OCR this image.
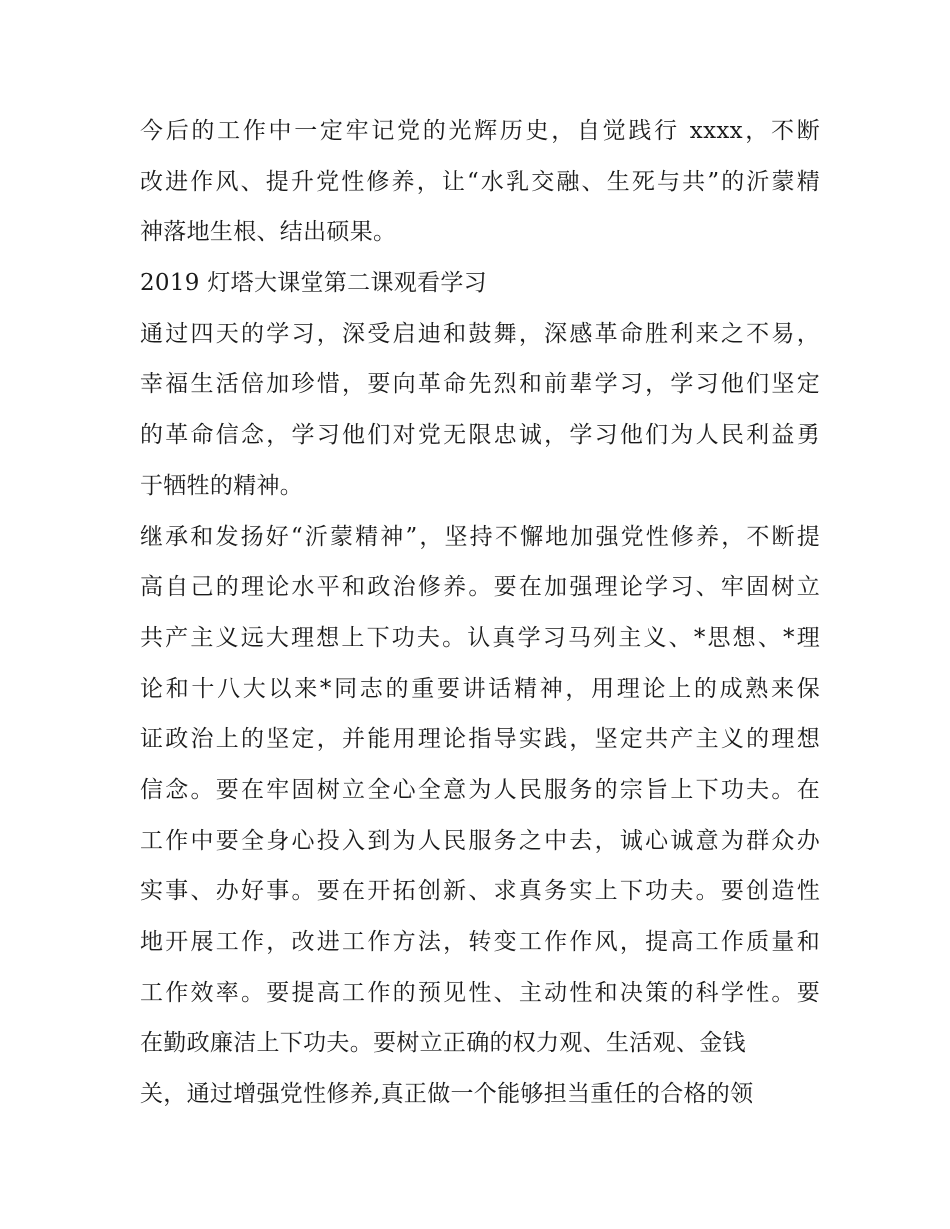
今后的工作中一定牢记党的光辉历史，自觉践行 xxxx，不断
改进作风、提升党性修养，让“水乳交融、生死与共”的沂蒙精
神落地生根、结出硕果。
2019 灯塔大课堂第二课观看学习
通过四天的学习，深受启迪和鼓舞，深感革命胜利来之不易，
幸福生活倍加珍惜，要向革命先烈和前辈学习，学习他们坚定
的革命信念，学习他们对党无限忠诚，学习他们为人民利益勇
于牺牲的精神。
继承和发扬好“沂蒙精神”，坚持不懈地加强党性修养，不断提
高自己的理论水平和政治修养。要在加强理论学习、牢固树立
共产主义远大理想上下功夫。认真学习马列主义、*思想、*理
论和十八大以来*同志的重要讲话精神，用理论上的成熟来保
证政治上的坚定，并能用理论指导实践，坚定共产主义的理想
信念。要在牢固树立全心全意为人民服务的宗旨上下功夫。在
工作中要全身心投入到为人民服务之中去，诚心诚意为群众办
实事、办好事。要在开拓创新、求真务实上下功夫。要创造性
地开展工作，改进工作方法，转变工作作风，提高工作质量和
工作效率。要提高工作的预见性、主动性和决策的科学性。要
在勤政廉洁上下功夫。要树立正确的权力观、生活观、金钱
关，通过增强党性修养,真正做一个能够担当重任的合格的领
